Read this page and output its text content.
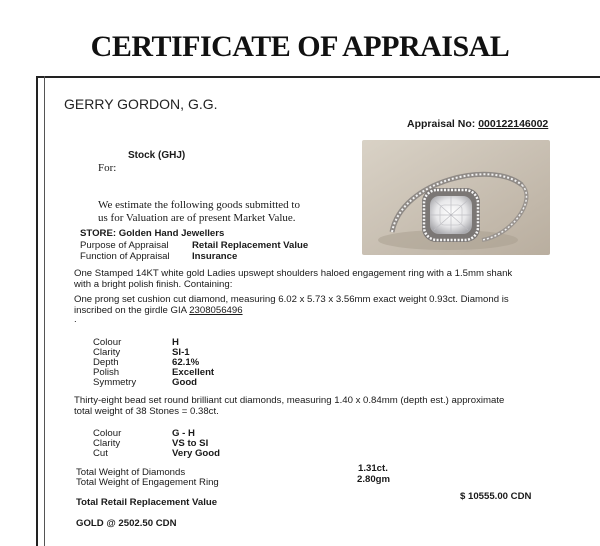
CERTIFICATE OF APPRAISAL
GERRY GORDON, G.G.
Appraisal No: 000122146002
Stock (GHJ)
For:
We estimate the following goods submitted to
us for Valuation are of present Market Value.
STORE: Golden Hand Jewellers
Purpose of Appraisal Retail Replacement Value
Function of Appraisal Insurance
One Stamped 14KT white gold Ladies upswept shoulders haloed engagement ring with a 1.5mm shank
with a bright polish finish. Containing:
One prong set cushion cut diamond, measuring 6.02 x 5.73 x 3.56mm exact weight 0.93ct. Diamond is
inscribed on the girdle GIA 2308056496
.
Colour	H
Clarity	SI-1
Depth	62.1%
Polish	Excellent
Symmetry	Good
Thirty-eight bead set round brilliant cut diamonds, measuring 1.40 x 0.84mm (depth est.) approximate
total weight of 38 Stones = 0.38ct.
Colour	G - H
Clarity	VS to SI
Cut	Very Good
Total Weight of Diamonds	1.31ct.
Total Weight of Engagement Ring	2.80gm
Total Retail Replacement Value
$ 10555.00 CDN
GOLD @ 2502.50 CDN
